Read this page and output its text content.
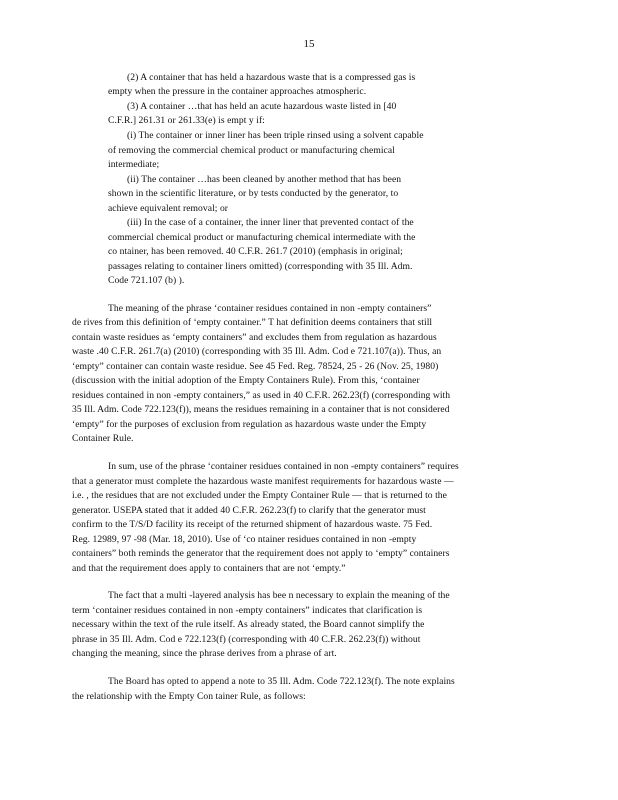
15
(2) A container that has held a hazardous waste that is a compressed gas is
empty when the pressure in the container approaches atmospheric.
(3) A container …that has held an acute hazardous waste listed in [40
C.F.R.] 261.31 or 261.33(e) is empt y if:
(i) The container or inner liner has been triple rinsed using a solvent capable
of removing the commercial chemical product or manufacturing chemical
intermediate;
(ii) The container …has been cleaned by another method that has been
shown in the scientific literature, or by tests conducted by the generator, to
achieve equivalent removal; or
(iii) In the case of a container, the inner liner that prevented contact of the
commercial chemical product or manufacturing chemical intermediate with the
co ntainer, has been removed. 40 C.F.R. 261.7 (2010) (emphasis in original;
passages relating to container liners omitted) (corresponding with 35 Ill. Adm.
Code 721.107 (b) ).
The meaning of the phrase ‘container residues contained in non -empty containers”
de rives from this definition of ‘empty container.” T hat definition deems containers that still
contain waste residues as ‘empty containers” and excludes them from regulation as hazardous
waste .40 C.F.R. 261.7(a) (2010) (corresponding with 35 Ill. Adm. Cod e 721.107(a)). Thus, an
‘empty” container can contain waste residue. See 45 Fed. Reg. 78524, 25 - 26 (Nov. 25, 1980)
(discussion with the initial adoption of the Empty Containers Rule). From this, ‘container
residues contained in non -empty containers,” as used in 40 C.F.R. 262.23(f) (corresponding with
35 Ill. Adm. Code 722.123(f)), means the residues remaining in a container that is not considered
‘empty” for the purposes of exclusion from regulation as hazardous waste under the Empty
Container Rule.
In sum, use of the phrase ‘container residues contained in non -empty containers” requires
that a generator must complete the hazardous waste manifest requirements for hazardous waste —
i.e. , the residues that are not excluded under the Empty Container Rule — that is returned to the
generator. USEPA stated that it added 40 C.F.R. 262.23(f) to clarify that the generator must
confirm to the T/S/D facility its receipt of the returned shipment of hazardous waste. 75 Fed.
Reg. 12989, 97 -98 (Mar. 18, 2010). Use of ‘co ntainer residues contained in non -empty
containers” both reminds the generator that the requirement does not apply to ‘empty” containers
and that the requirement does apply to containers that are not ‘empty.”
The fact that a multi -layered analysis has bee n necessary to explain the meaning of the
term ‘container residues contained in non -empty containers” indicates that clarification is
necessary within the text of the rule itself. As already stated, the Board cannot simplify the
phrase in 35 Ill. Adm. Cod e 722.123(f) (corresponding with 40 C.F.R. 262.23(f)) without
changing the meaning, since the phrase derives from a phrase of art.
The Board has opted to append a note to 35 Ill. Adm. Code 722.123(f). The note explains
the relationship with the Empty Con tainer Rule, as follows:
